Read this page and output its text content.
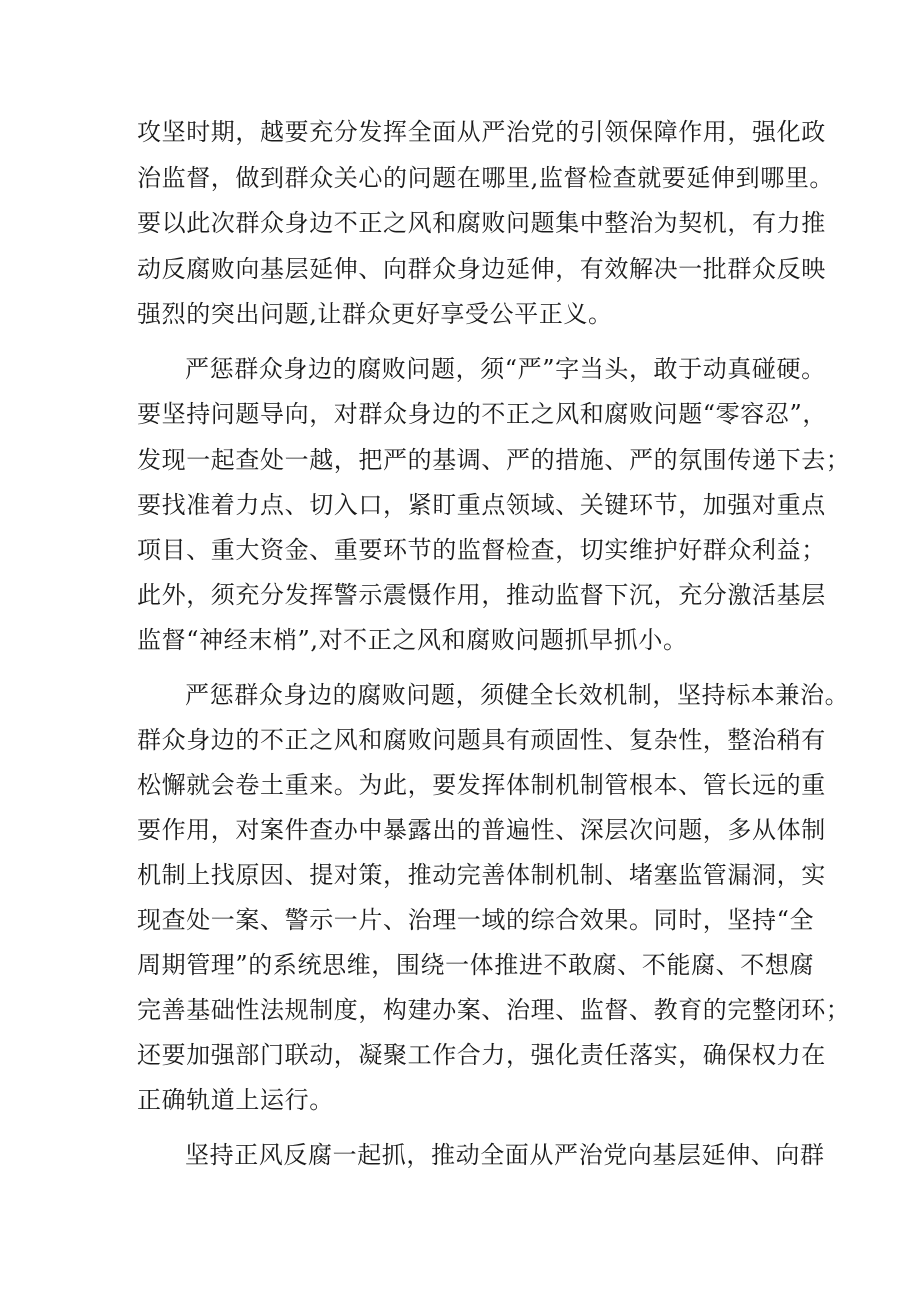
攻坚时期，越要充分发挥全面从严治党的引领保障作用，强化政
治监督，做到群众关心的问题在哪里,监督检查就要延伸到哪里。
要以此次群众身边不正之风和腐败问题集中整治为契机，有力推
动反腐败向基层延伸、向群众身边延伸，有效解决一批群众反映
强烈的突出问题,让群众更好享受公平正义。
严惩群众身边的腐败问题，须“严”字当头，敢于动真碰硬。
要坚持问题导向，对群众身边的不正之风和腐败问题“零容忍”，
发现一起查处一越，把严的基调、严的措施、严的氛围传递下去；
要找准着力点、切入口，紧盯重点领域、关键环节，加强对重点
项目、重大资金、重要环节的监督检查，切实维护好群众利益；
此外，须充分发挥警示震慑作用，推动监督下沉，充分激活基层
监督“神经末梢”,对不正之风和腐败问题抓早抓小。
严惩群众身边的腐败问题，须健全长效机制，坚持标本兼治。
群众身边的不正之风和腐败问题具有顽固性、复杂性，整治稍有
松懈就会卷土重来。为此，要发挥体制机制管根本、管长远的重
要作用，对案件查办中暴露出的普遍性、深层次问题，多从体制
机制上找原因、提对策，推动完善体制机制、堵塞监管漏洞，实
现查处一案、警示一片、治理一域的综合效果。同时，坚持“全
周期管理”的系统思维，围绕一体推进不敢腐、不能腐、不想腐
完善基础性法规制度，构建办案、治理、监督、教育的完整闭环；
还要加强部门联动，凝聚工作合力，强化责任落实，确保权力在
正确轨道上运行。
坚持正风反腐一起抓，推动全面从严治党向基层延伸、向群
